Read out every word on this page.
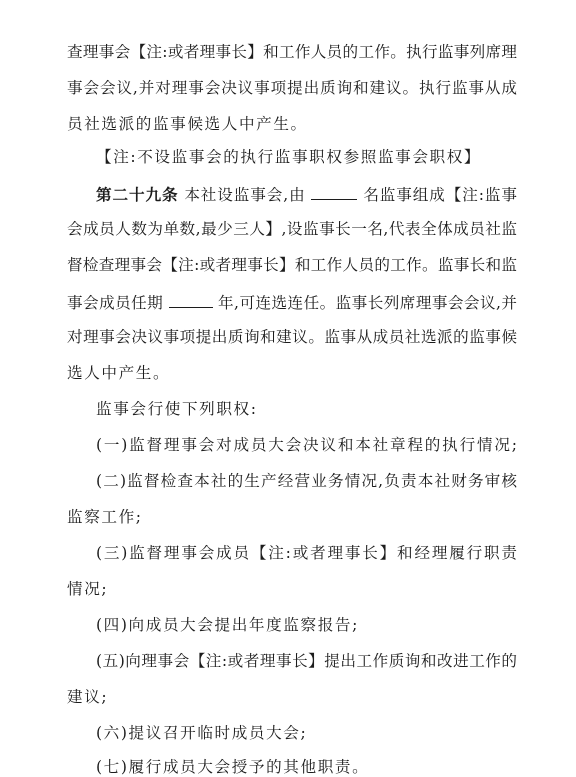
查理事会【注:或者理事长】和工作人员的工作。执行监事列席理
事会会议,并对理事会决议事项提出质询和建议。执行监事从成
员社选派的监事候选人中产生。
【注:不设监事会的执行监事职权参照监事会职权】
第二十九条 本社设监事会,由	名监事组成【注:监事
会成员人数为单数,最少三人】,设监事长一名,代表全体成员社监
督检查理事会【注:或者理事长】和工作人员的工作。监事长和监
事会成员任期	年,可连选连任。监事长列席理事会会议,并
对理事会决议事项提出质询和建议。监事从成员社选派的监事候
选人中产生。
监事会行使下列职权:
(一)监督理事会对成员大会决议和本社章程的执行情况;
(二)监督检查本社的生产经营业务情况,负责本社财务审核
监察工作;
(三)监督理事会成员【注:或者理事长】和经理履行职责
情况;
(四)向成员大会提出年度监察报告;
(五)向理事会【注:或者理事长】提出工作质询和改进工作的
建议;
(六)提议召开临时成员大会;
(七)履行成员大会授予的其他职责。
